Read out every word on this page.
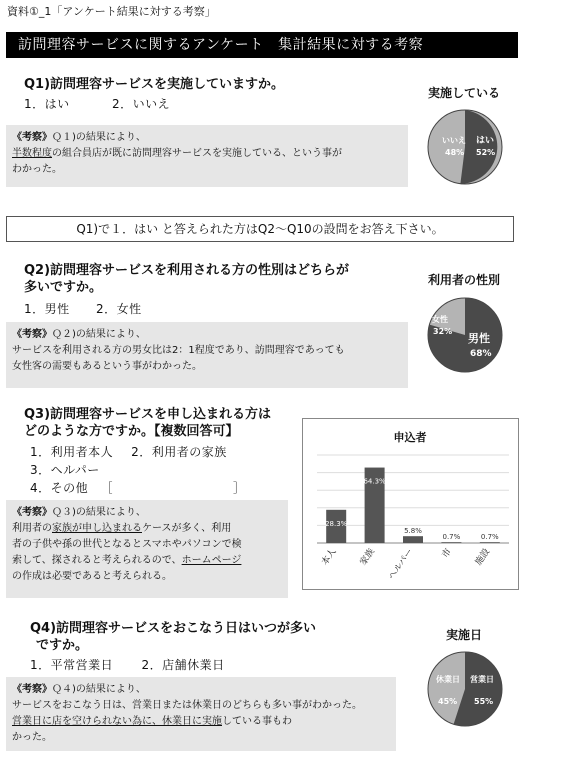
資料①_1「アンケート結果に対する考察」
訪問理容サービスに関するアンケート　集計結果に対する考察
Q1)訪問理容サービスを実施していますか。
1．はい	2．いいえ
《考察》Ｑ１)の結果により、
半数程度の組合員店が既に訪問理容サービスを実施している、という事が
わかった。
実施している
いいえ
48%
はい
52%
Q1)で１．はい と答えられた方はQ2～Q10の設問をお答え下さい。
Q2)訪問理容サービスを利用される方の性別はどちらが
多いですか。
1．男性 2．女性
《考察》Ｑ２)の結果により、
サービスを利用される方の男女比は2：1程度であり、訪問理容であっても
女性客の需要もあるという事がわかった。
利用者の性別
女性
32%
男性
68%
Q3)訪問理容サービスを申し込まれる方は
どのような方ですか。【複数回答可】
1．利用者本人 2．利用者の家族
3．ヘルパー
4．その他 ［	］
《考察》Ｑ３)の結果により、
利用者の家族が申し込まれるケースが多く、利用
者の子供や孫の世代となるとスマホやパソコンで検
索して、探されると考えられるので、ホームページ
の作成は必要であると考えられる。
申込者
28.3%
本人
64.3%
家族
5.8%
ヘルパー
0.7%
市
0.7%
施設
Q4)訪問理容サービスをおこなう日はいつが多い
ですか。
1．平常営業日 2．店舗休業日
《考察》Ｑ４)の結果により、
サービスをおこなう日は、営業日または休業日のどちらも多い事がわかった。
営業日に店を空けられない為に、休業日に実施している事もわ
かった。
実施日
休業日
45%
営業日
55%
